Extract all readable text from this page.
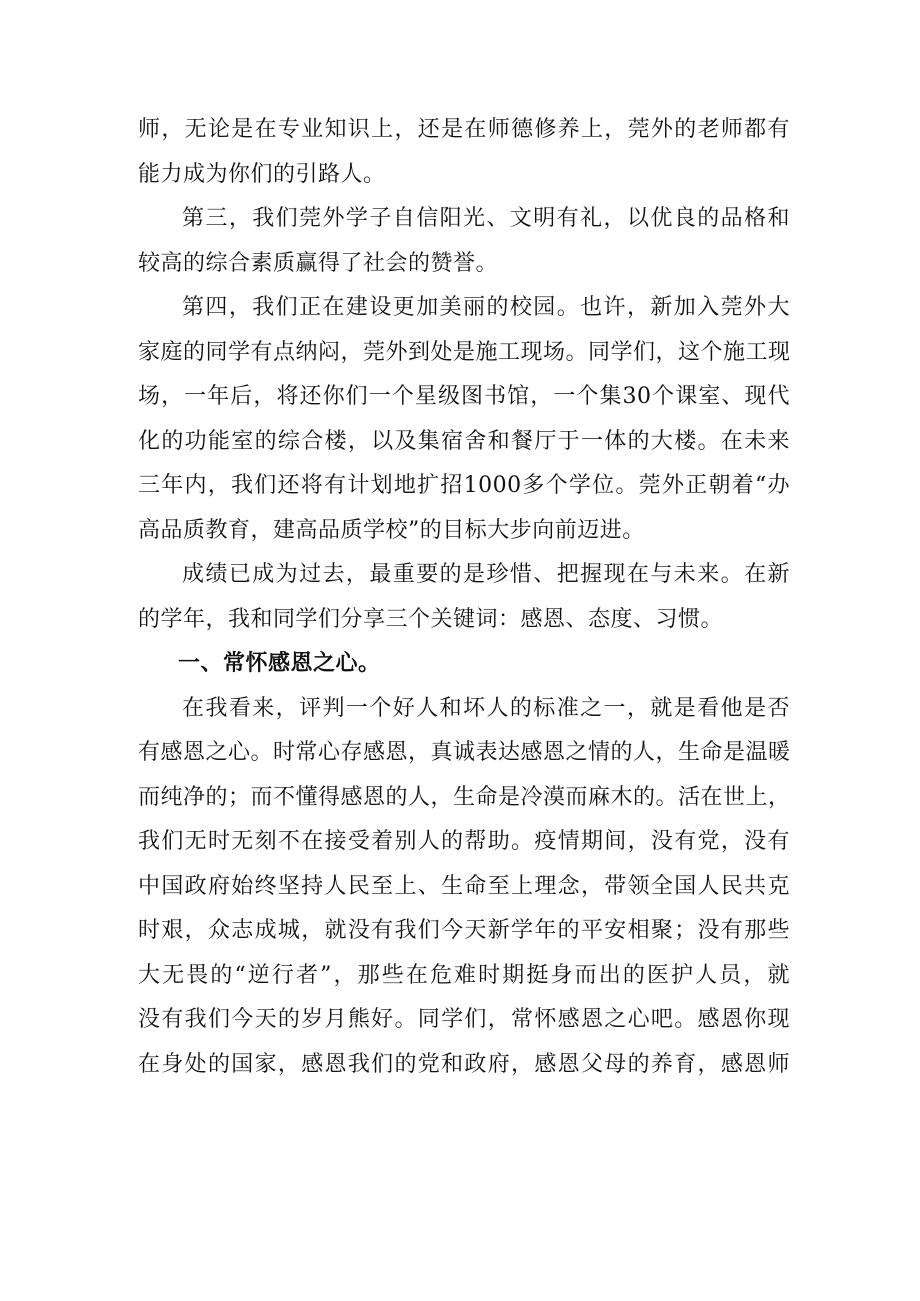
师，无论是在专业知识上，还是在师德修养上，莞外的老师都有
能力成为你们的引路人。
第三，我们莞外学子自信阳光、文明有礼，以优良的品格和
较高的综合素质赢得了社会的赞誉。
第四，我们正在建设更加美丽的校园。也许，新加入莞外大
家庭的同学有点纳闷，莞外到处是施工现场。同学们，这个施工现
场，一年后，将还你们一个星级图书馆，一个集30个课室、现代
化的功能室的综合楼，以及集宿舍和餐厅于一体的大楼。在未来
三年内，我们还将有计划地扩招1000多个学位。莞外正朝着“办
高品质教育，建高品质学校”的目标大步向前迈进。
成绩已成为过去，最重要的是珍惜、把握现在与未来。在新
的学年，我和同学们分享三个关键词：感恩、态度、习惯。
一、常怀感恩之心。
在我看来，评判一个好人和坏人的标准之一，就是看他是否
有感恩之心。时常心存感恩，真诚表达感恩之情的人，生命是温暖
而纯净的；而不懂得感恩的人，生命是冷漠而麻木的。活在世上，
我们无时无刻不在接受着别人的帮助。疫情期间，没有党，没有
中国政府始终坚持人民至上、生命至上理念，带领全国人民共克
时艰，众志成城，就没有我们今天新学年的平安相聚；没有那些
大无畏的“逆行者”，那些在危难时期挺身而出的医护人员，就
没有我们今天的岁月熊好。同学们，常怀感恩之心吧。感恩你现
在身处的国家，感恩我们的党和政府，感恩父母的养育，感恩师
